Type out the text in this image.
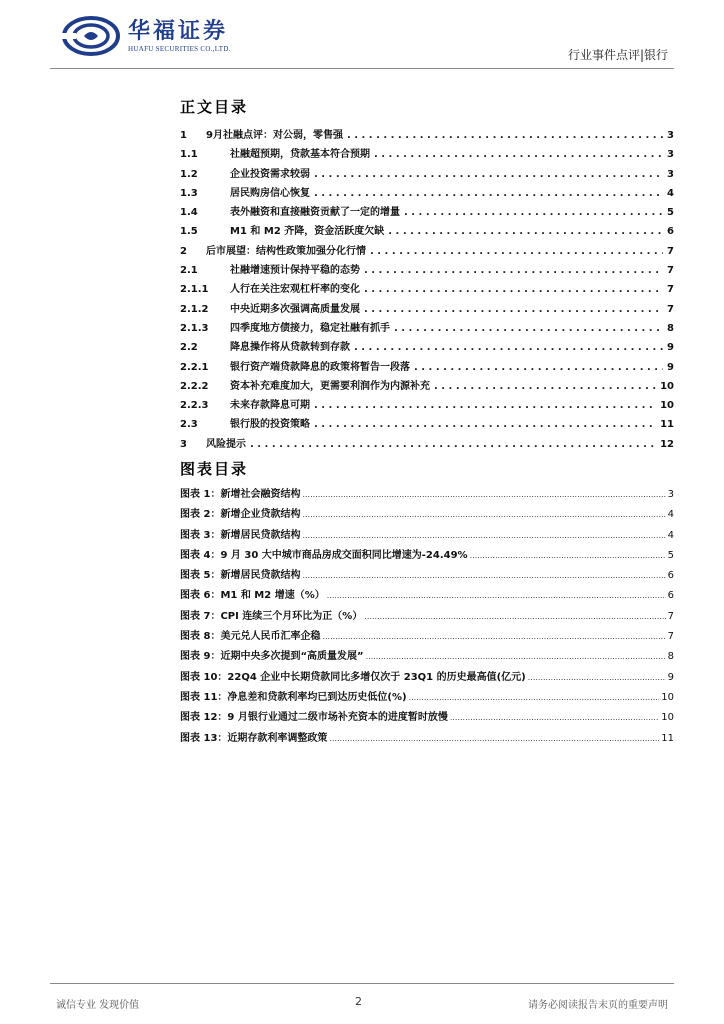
华福证券
HUAFU SECURITIES CO.,LTD.	行业事件点评|银行
正文目录
1	9月社融点评：对公弱，零售强 . . .	3
1.1	社融超预期，贷款基本符合预期 . . .	3
1.2	企业投资需求较弱 . . .	3
1.3	居民购房信心恢复 . . .	4
1.4	表外融资和直接融资贡献了一定的增量 . . .	5
1.5	M1 和 M2 齐降，资金活跃度欠缺 . . .	6
2	后市展望：结构性政策加强分化行情 . . .	7
2.1	社融增速预计保持平稳的态势 . . .	7
2.1.1	人行在关注宏观杠杆率的变化 . . .	7
2.1.2	中央近期多次强调高质量发展 . . .	7
2.1.3	四季度地方债接力，稳定社融有抓手 . . .	8
2.2	降息操作将从贷款转到存款 . . .	9
2.2.1	银行资产端贷款降息的政策将暂告一段落 . . .	9
2.2.2	资本补充难度加大，更需要利润作为内源补充 . . .	10
2.2.3	未来存款降息可期 . . .	10
2.3	银行股的投资策略 . . .	11
3	风险提示 . . .	12
图表目录
图表 1：新增社会融资结构 .....	3
图表 2：新增企业贷款结构 .....	4
图表 3：新增居民贷款结构 .....	4
图表 4：9 月 30 大中城市商品房成交面积同比增速为-24.49% .....	5
图表 5：新增居民贷款结构 .....	6
图表 6：M1 和 M2 增速（%） .....	6
图表 7：CPI 连续三个月环比为正（%） .....	7
图表 8：美元兑人民币汇率企稳 .....	7
图表 9：近期中央多次提到“高质量发展” .....	8
图表 10：22Q4 企业中长期贷款同比多增仅次于 23Q1 的历史最高值(亿元) .....	9
图表 11：净息差和贷款利率均已到达历史低位(%) .....	10
图表 12：9 月银行业通过二级市场补充资本的进度暂时放慢 .....	10
图表 13：近期存款利率调整政策 .....	11
诚信专业 发现价值	2	请务必阅读报告末页的重要声明
